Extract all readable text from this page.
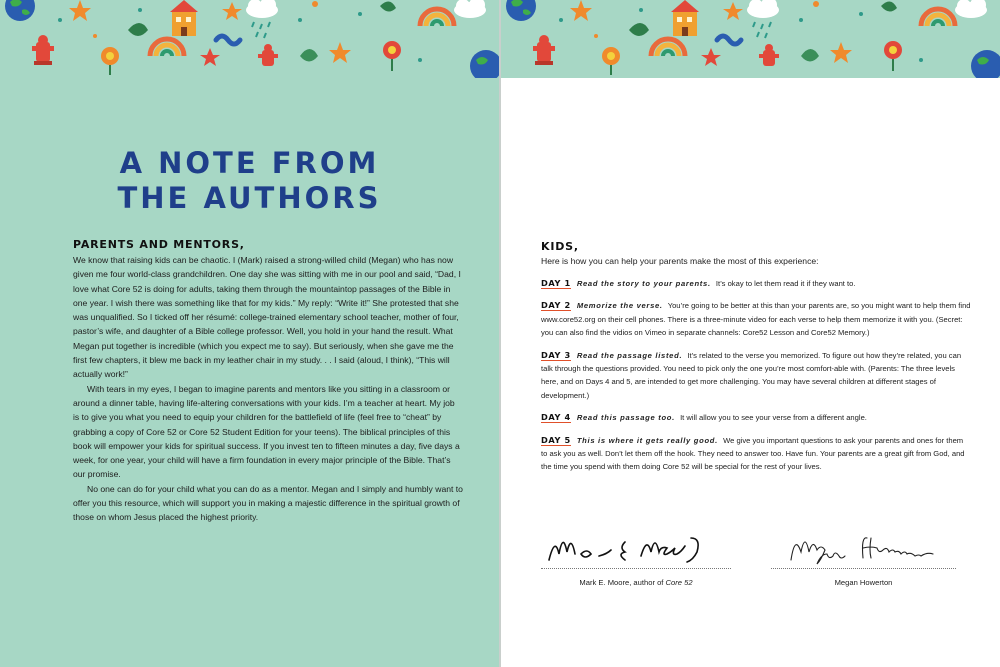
A NOTE FROM
THE AUTHORS
PARENTS AND MENTORS,

We know that raising kids can be chaotic. I (Mark) raised a strong-willed child (Megan) who has now given me four world-class grandchildren. One day she was sitting with me in our pool and said, “Dad, I love what Core 52 is doing for adults, taking them through the mountaintop passages of the Bible in one year. I wish there was something like that for my kids.” My reply: “Write it!” She protested that she was unqualified. So I ticked off her résumé: college-trained elementary school teacher, mother of four, pastor’s wife, and daughter of a Bible college professor. Well, you hold in your hand the result. What Megan put together is incredible (which you expect me to say). But seriously, when she gave me the first few chapters, it blew me back in my leather chair in my study. . . I said (aloud, I think), “This will actually work!”

With tears in my eyes, I began to imagine parents and mentors like you sitting in a classroom or around a dinner table, having life-altering conversations with your kids. I’m a teacher at heart. My job is to give you what you need to equip your children for the battlefield of life (feel free to “cheat” by grabbing a copy of Core 52 or Core 52 Student Edition for your teens). The biblical principles of this book will empower your kids for spiritual success. If you invest ten to fifteen minutes a day, five days a week, for one year, your child will have a firm foundation in every major principle of the Bible. That’s our promise.

No one can do for your child what you can do as a mentor. Megan and I simply and humbly want to offer you this resource, which will support you in making a majestic difference in the spiritual growth of those on whom Jesus placed the highest priority.

KIDS,

Here is how you can help your parents make the most of this experience:

DAY 1 Read the story to your parents. It’s okay to let them read it if they want to.

DAY 2 Memorize the verse. You’re going to be better at this than your parents are, so you might want to help them find www.core52.org on their cell phones. There is a three-minute video for each verse to help them memorize it with you. (Secret: you can also find the vidios on Vimeo in separate channels: Core52 Lesson and Core52 Memory.)

DAY 3 Read the passage listed. It’s related to the verse you memorized. To figure out how they’re related, you can talk through the questions provided. You need to pick only the one you’re most comfort-able with. (Parents: The three levels here, and on Days 4 and 5, are intended to get more challenging. You may have several children at different stages of development.)

DAY 4 Read this passage too. It will allow you to see your verse from a different angle.

DAY 5 This is where it gets really good. We give you important questions to ask your parents and ones for them to ask you as well. Don’t let them off the hook. They need to answer too. Have fun. Your parents are a great gift from God, and the time you spend with them doing Core 52 will be special for the rest of your lives.

Mark E. Moore, author of Core 52	Megan Howerton
